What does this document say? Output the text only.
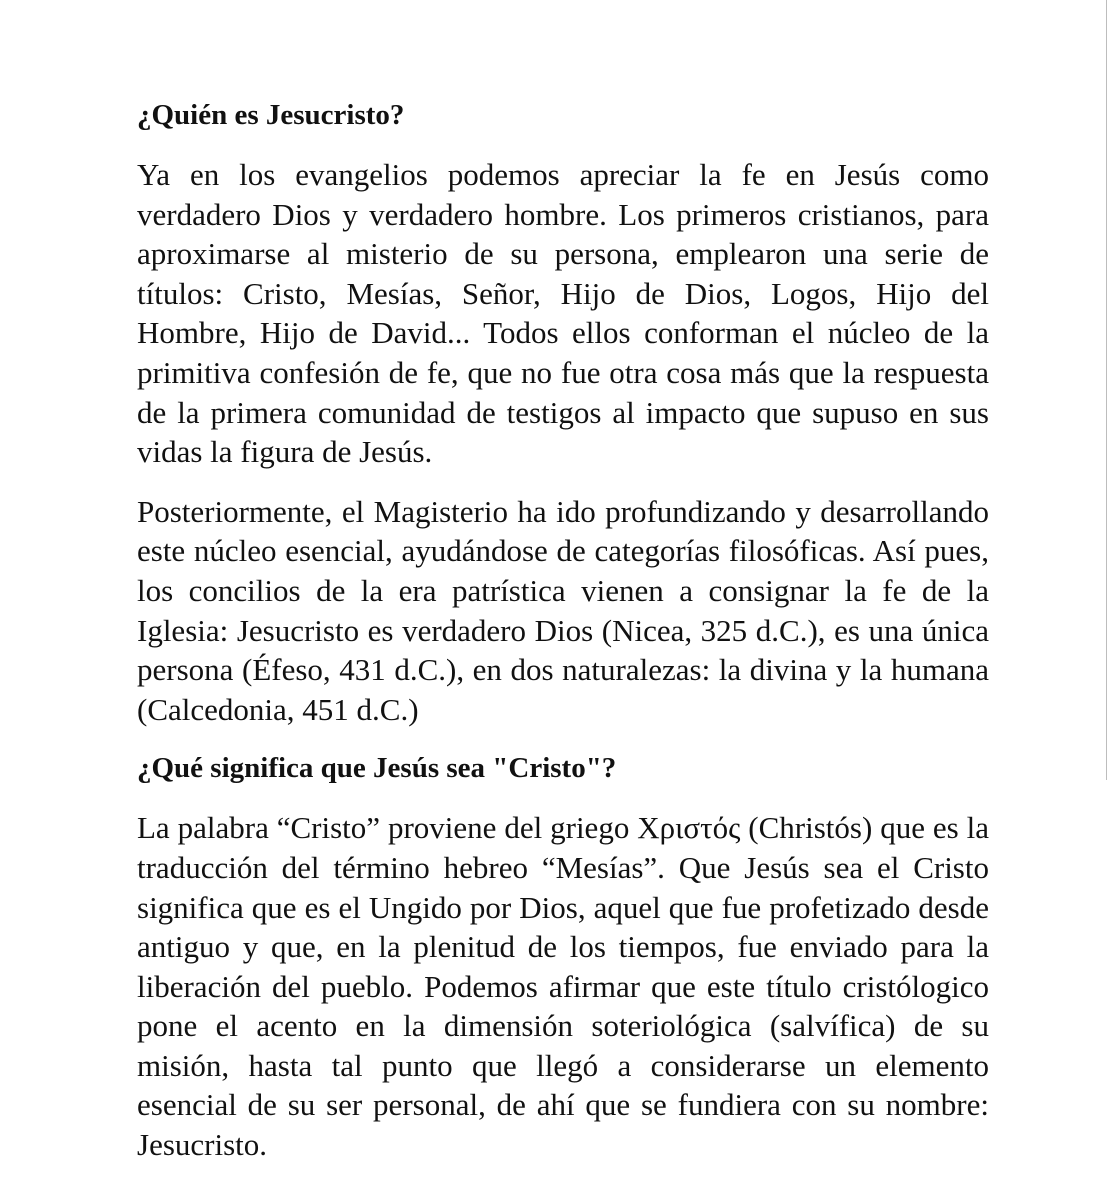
¿Quién es Jesucristo?

Ya en los evangelios podemos apreciar la fe en Jesús como verdadero Dios y verdadero hombre. Los primeros cristianos, para aproximarse al misterio de su persona, emplearon una serie de títulos: Cristo, Mesías, Señor, Hijo de Dios, Logos, Hijo del Hombre, Hijo de David... Todos ellos conforman el núcleo de la primitiva confesión de fe, que no fue otra cosa más que la respuesta de la primera comunidad de testigos al impacto que supuso en sus vidas la figura de Jesús.

Posteriormente, el Magisterio ha ido profundizando y desarrollando este núcleo esencial, ayudándose de categorías filosóficas. Así pues, los concilios de la era patrística vienen a consignar la fe de la Iglesia: Jesucristo es verdadero Dios (Nicea, 325 d.C.), es una única persona (Éfeso, 431 d.C.), en dos naturalezas: la divina y la humana (Calcedonia, 451 d.C.)

¿Qué significa que Jesús sea "Cristo"?

La palabra “Cristo” proviene del griego Χριστός (Christós) que es la traducción del término hebreo “Mesías”. Que Jesús sea el Cristo significa que es el Ungido por Dios, aquel que fue profetizado desde antiguo y que, en la plenitud de los tiempos, fue enviado para la liberación del pueblo. Podemos afirmar que este título cristólogico pone el acento en la dimensión soteriológica (salvífica) de su misión, hasta tal punto que llegó a considerarse un elemento esencial de su ser personal, de ahí que se fundiera con su nombre: Jesucristo.
